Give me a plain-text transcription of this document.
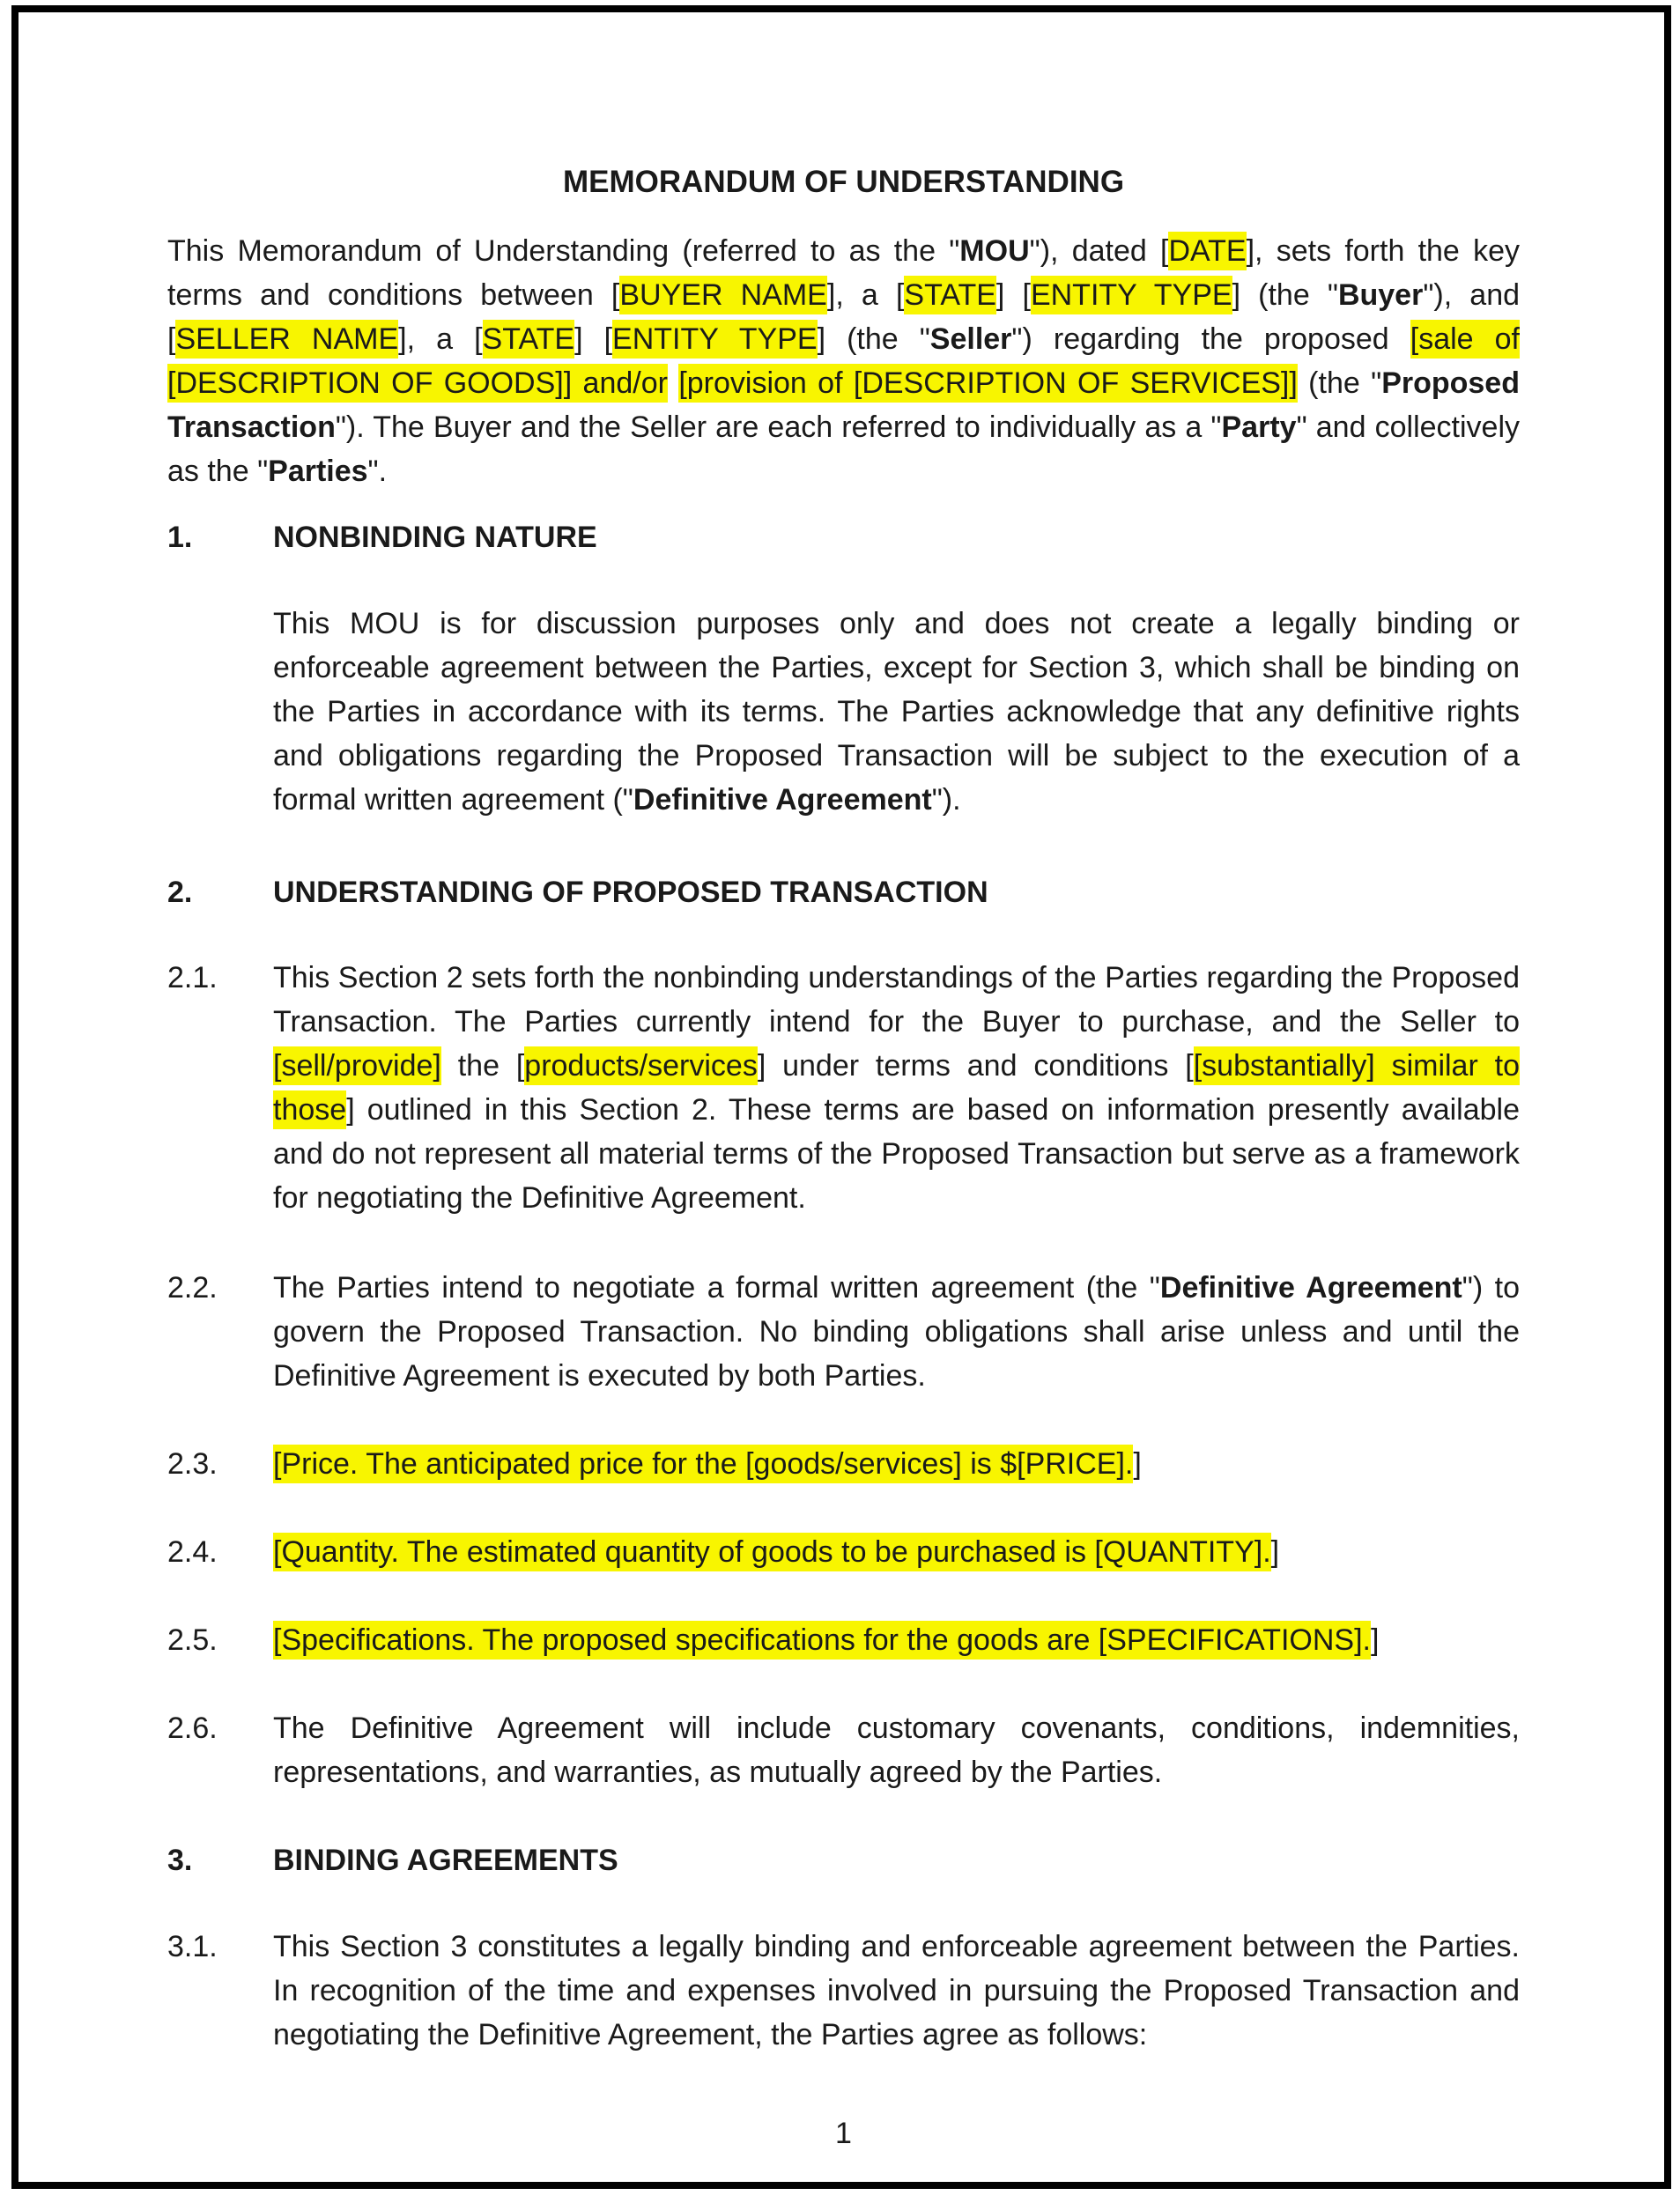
MEMORANDUM OF UNDERSTANDING
This Memorandum of Understanding (referred to as the "MOU"), dated [DATE], sets forth the key terms and conditions between [BUYER NAME], a [STATE] [ENTITY TYPE] (the "Buyer"), and [SELLER NAME], a [STATE] [ENTITY TYPE] (the "Seller") regarding the proposed [sale of [DESCRIPTION OF GOODS]] and/or [provision of [DESCRIPTION OF SERVICES]] (the "Proposed Transaction"). The Buyer and the Seller are each referred to individually as a "Party" and collectively as the "Parties".
1.	NONBINDING NATURE
This MOU is for discussion purposes only and does not create a legally binding or enforceable agreement between the Parties, except for Section 3, which shall be binding on the Parties in accordance with its terms. The Parties acknowledge that any definitive rights and obligations regarding the Proposed Transaction will be subject to the execution of a formal written agreement ("Definitive Agreement").
2.	UNDERSTANDING OF PROPOSED TRANSACTION
2.1.	This Section 2 sets forth the nonbinding understandings of the Parties regarding the Proposed Transaction. The Parties currently intend for the Buyer to purchase, and the Seller to [sell/provide] the [products/services] under terms and conditions [[substantially] similar to those] outlined in this Section 2. These terms are based on information presently available and do not represent all material terms of the Proposed Transaction but serve as a framework for negotiating the Definitive Agreement.
2.2.	The Parties intend to negotiate a formal written agreement (the "Definitive Agreement") to govern the Proposed Transaction. No binding obligations shall arise unless and until the Definitive Agreement is executed by both Parties.
2.3.	[Price. The anticipated price for the [goods/services] is $[PRICE].]
2.4.	[Quantity. The estimated quantity of goods to be purchased is [QUANTITY].]
2.5.	[Specifications. The proposed specifications for the goods are [SPECIFICATIONS].]
2.6.	The Definitive Agreement will include customary covenants, conditions, indemnities, representations, and warranties, as mutually agreed by the Parties.
3.	BINDING AGREEMENTS
3.1.	This Section 3 constitutes a legally binding and enforceable agreement between the Parties. In recognition of the time and expenses involved in pursuing the Proposed Transaction and negotiating the Definitive Agreement, the Parties agree as follows:
1
